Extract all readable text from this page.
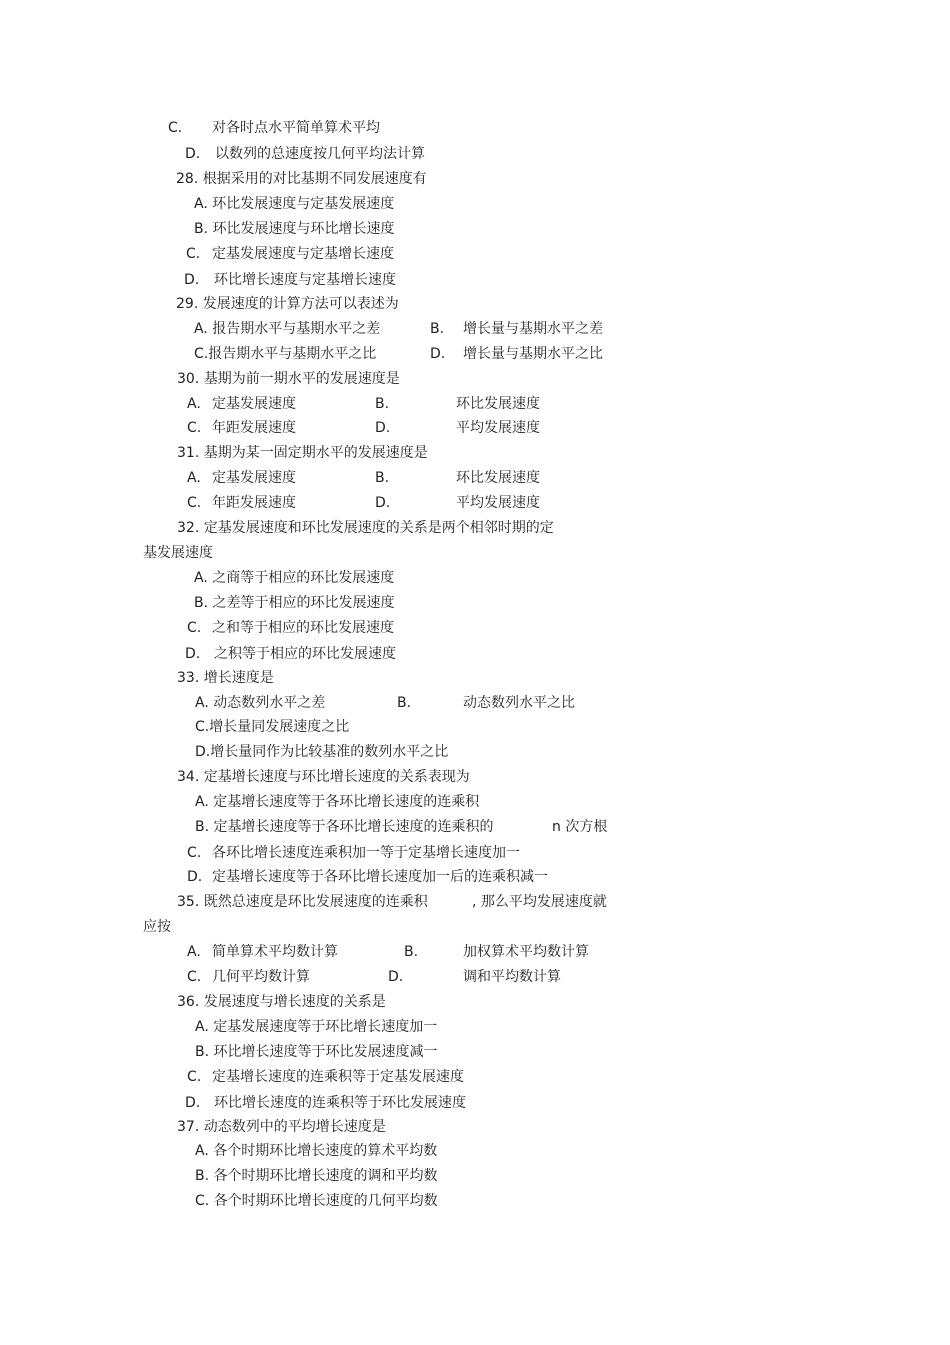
C. 对各时点水平简单算术平均
D. 以数列的总速度按几何平均法计算
28. 根据采用的对比基期不同发展速度有
A. 环比发展速度与定基发展速度
B. 环比发展速度与环比增长速度
C. 定基发展速度与定基增长速度
D. 环比增长速度与定基增长速度
29. 发展速度的计算方法可以表述为
A. 报告期水平与基期水平之差	B. 增长量与基期水平之差
C.报告期水平与基期水平之比	D. 增长量与基期水平之比
30. 基期为前一期水平的发展速度是
A. 定基发展速度	B.	环比发展速度
C. 年距发展速度	D.	平均发展速度
31. 基期为某一固定期水平的发展速度是
A. 定基发展速度	B.	环比发展速度
C. 年距发展速度	D.	平均发展速度
32. 定基发展速度和环比发展速度的关系是两个相邻时期的定
基发展速度
A. 之商等于相应的环比发展速度
B. 之差等于相应的环比发展速度
C. 之和等于相应的环比发展速度
D. 之积等于相应的环比发展速度
33. 增长速度是
A. 动态数列水平之差	B.	动态数列水平之比
C.增长量同发展速度之比
D.增长量同作为比较基准的数列水平之比
34. 定基增长速度与环比增长速度的关系表现为
A. 定基增长速度等于各环比增长速度的连乘积
B. 定基增长速度等于各环比增长速度的连乘积的	n 次方根
C. 各环比增长速度连乘积加一等于定基增长速度加一
D. 定基增长速度等于各环比增长速度加一后的连乘积减一
35. 既然总速度是环比发展速度的连乘积	, 那么平均发展速度就
应按
A. 简单算术平均数计算	B.	加权算术平均数计算
C. 几何平均数计算	D.	调和平均数计算
36. 发展速度与增长速度的关系是
A. 定基发展速度等于环比增长速度加一
B. 环比增长速度等于环比发展速度减一
C. 定基增长速度的连乘积等于定基发展速度
D. 环比增长速度的连乘积等于环比发展速度
37. 动态数列中的平均增长速度是
A. 各个时期环比增长速度的算术平均数
B. 各个时期环比增长速度的调和平均数
C. 各个时期环比增长速度的几何平均数
